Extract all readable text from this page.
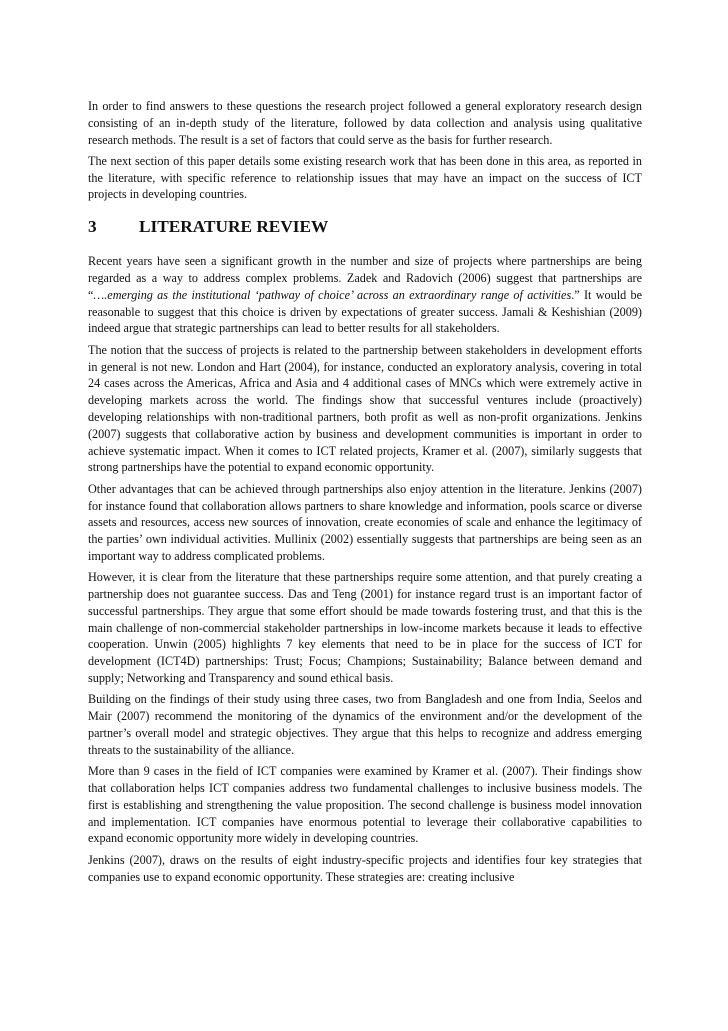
In order to find answers to these questions the research project followed a general exploratory research design consisting of an in-depth study of the literature, followed by data collection and analysis using qualitative research methods. The result is a set of factors that could serve as the basis for further research.

The next section of this paper details some existing research work that has been done in this area, as reported in the literature, with specific reference to relationship issues that may have an impact on the success of ICT projects in developing countries.

3	LITERATURE REVIEW

Recent years have seen a significant growth in the number and size of projects where partnerships are being regarded as a way to address complex problems. Zadek and Radovich (2006) suggest that partnerships are “….emerging as the institutional ‘pathway of choice’ across an extraordinary range of activities.” It would be reasonable to suggest that this choice is driven by expectations of greater success. Jamali & Keshishian (2009) indeed argue that strategic partnerships can lead to better results for all stakeholders.

The notion that the success of projects is related to the partnership between stakeholders in development efforts in general is not new. London and Hart (2004), for instance, conducted an exploratory analysis, covering in total 24 cases across the Americas, Africa and Asia and 4 additional cases of MNCs which were extremely active in developing markets across the world. The findings show that successful ventures include (proactively) developing relationships with non-traditional partners, both profit as well as non-profit organizations. Jenkins (2007) suggests that collaborative action by business and development communities is important in order to achieve systematic impact. When it comes to ICT related projects, Kramer et al. (2007), similarly suggests that strong partnerships have the potential to expand economic opportunity.

Other advantages that can be achieved through partnerships also enjoy attention in the literature. Jenkins (2007) for instance found that collaboration allows partners to share knowledge and information, pools scarce or diverse assets and resources, access new sources of innovation, create economies of scale and enhance the legitimacy of the parties’ own individual activities. Mullinix (2002) essentially suggests that partnerships are being seen as an important way to address complicated problems.

However, it is clear from the literature that these partnerships require some attention, and that purely creating a partnership does not guarantee success. Das and Teng (2001) for instance regard trust is an important factor of successful partnerships. They argue that some effort should be made towards fostering trust, and that this is the main challenge of non-commercial stakeholder partnerships in low-income markets because it leads to effective cooperation. Unwin (2005) highlights 7 key elements that need to be in place for the success of ICT for development (ICT4D) partnerships: Trust; Focus; Champions; Sustainability; Balance between demand and supply; Networking and Transparency and sound ethical basis.

Building on the findings of their study using three cases, two from Bangladesh and one from India, Seelos and Mair (2007) recommend the monitoring of the dynamics of the environment and/or the development of the partner’s overall model and strategic objectives. They argue that this helps to recognize and address emerging threats to the sustainability of the alliance.

More than 9 cases in the field of ICT companies were examined by Kramer et al. (2007). Their findings show that collaboration helps ICT companies address two fundamental challenges to inclusive business models. The first is establishing and strengthening the value proposition. The second challenge is business model innovation and implementation. ICT companies have enormous potential to leverage their collaborative capabilities to expand economic opportunity more widely in developing countries.

Jenkins (2007), draws on the results of eight industry-specific projects and identifies four key strategies that companies use to expand economic opportunity. These strategies are: creating inclusive
